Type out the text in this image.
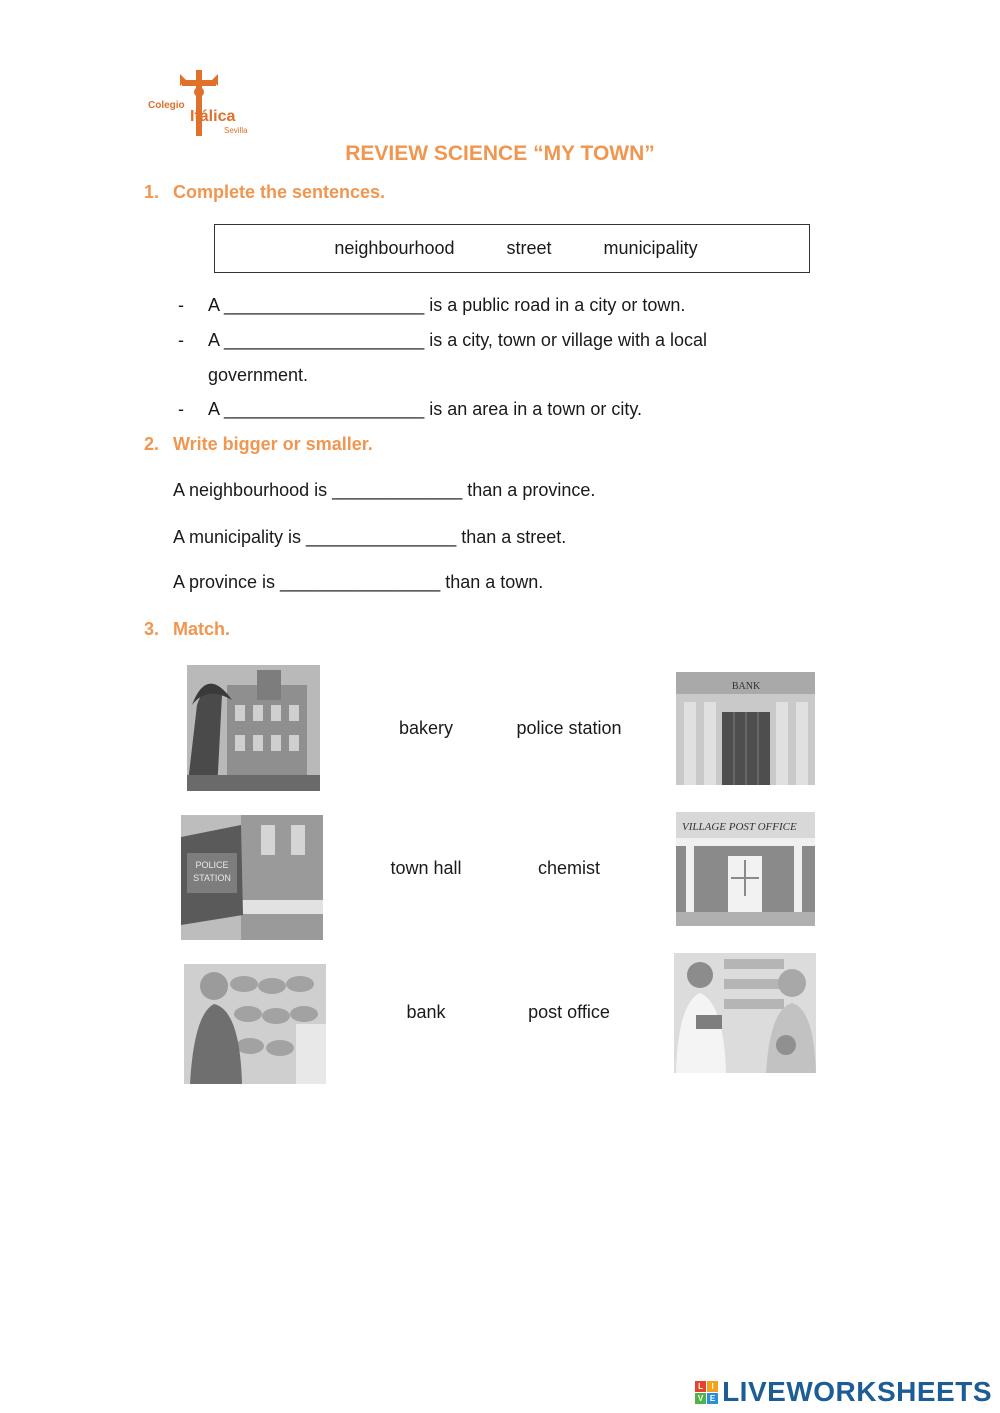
Colegio
Itálica
Sevilla
REVIEW SCIENCE “MY TOWN”
1. Complete the sentences.
neighbourhood	street	municipality
- A ____________________ is a public road in a city or town.
- A ____________________ is a city, town or village with a local
government.
- A ____________________ is an area in a town or city.
2. Write bigger or smaller.
A neighbourhood is _____________ than a province.
A municipality is _______________ than a street.
A province is ________________ than a town.
3. Match.
bakery	police station
BANK
POLICE
STATION	town hall	chemist
VILLAGE POST OFFICE
bank	post office
L	I
V E LIVEWORKSHEETS
